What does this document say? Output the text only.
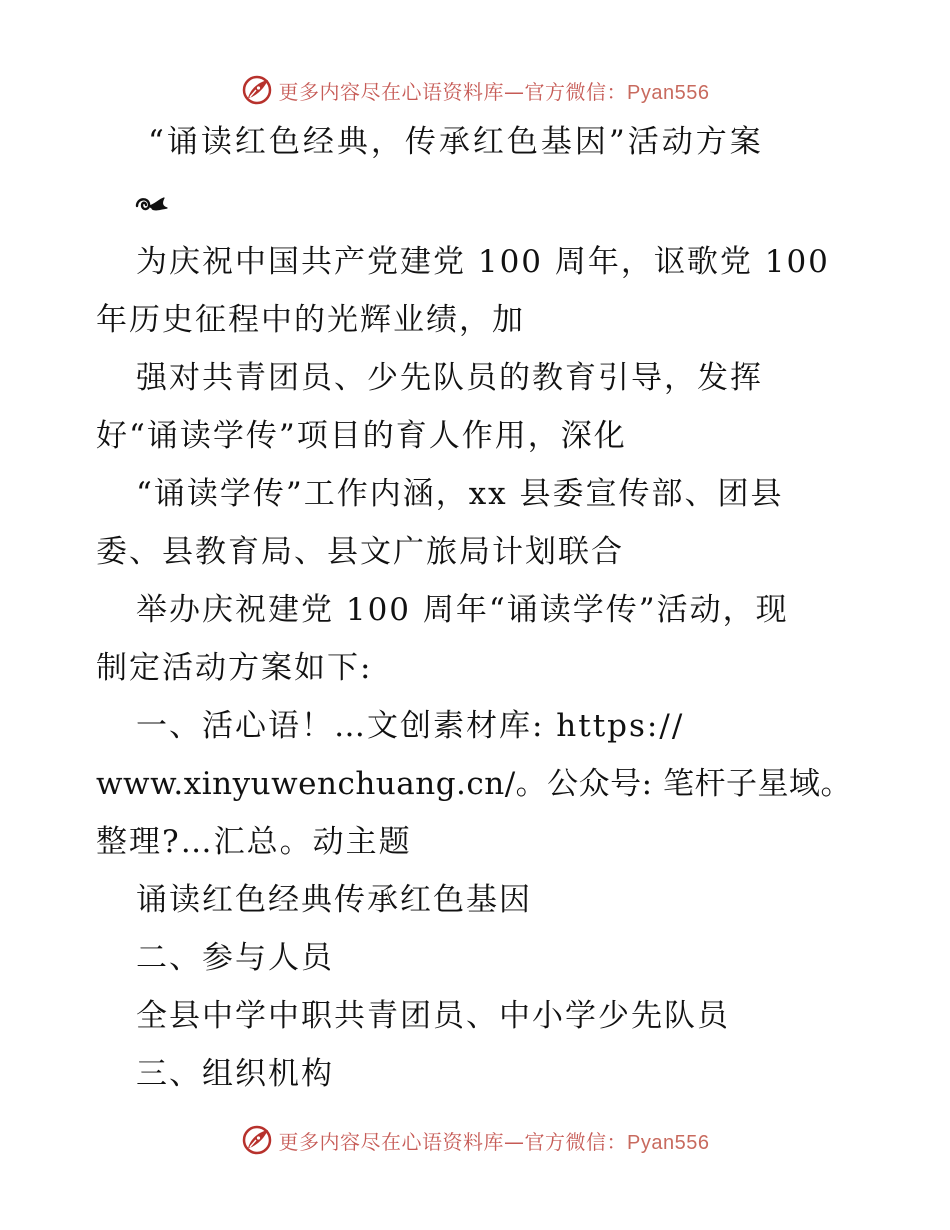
更多内容尽在心语资料库—官方微信：Pyan556
“诵读红色经典，传承红色基因”活动方案
为庆祝中国共产党建党 100 周年，讴歌党 100
年历史征程中的光辉业绩，加
强对共青团员、少先队员的教育引导，发挥
好“诵读学传”项目的育人作用，深化
“诵读学传”工作内涵，xx 县委宣传部、团县
委、县教育局、县文广旅局计划联合
举办庆祝建党 100 周年“诵读学传”活动，现
制定活动方案如下:
一、活心语！…文创素材库: https://
www.xinyuwenchuang.cn/。公众号: 笔杆子星域。
整理?…汇总。动主题
诵读红色经典传承红色基因
二、参与人员
全县中学中职共青团员、中小学少先队员
三、组织机构
更多内容尽在心语资料库—官方微信：Pyan556
